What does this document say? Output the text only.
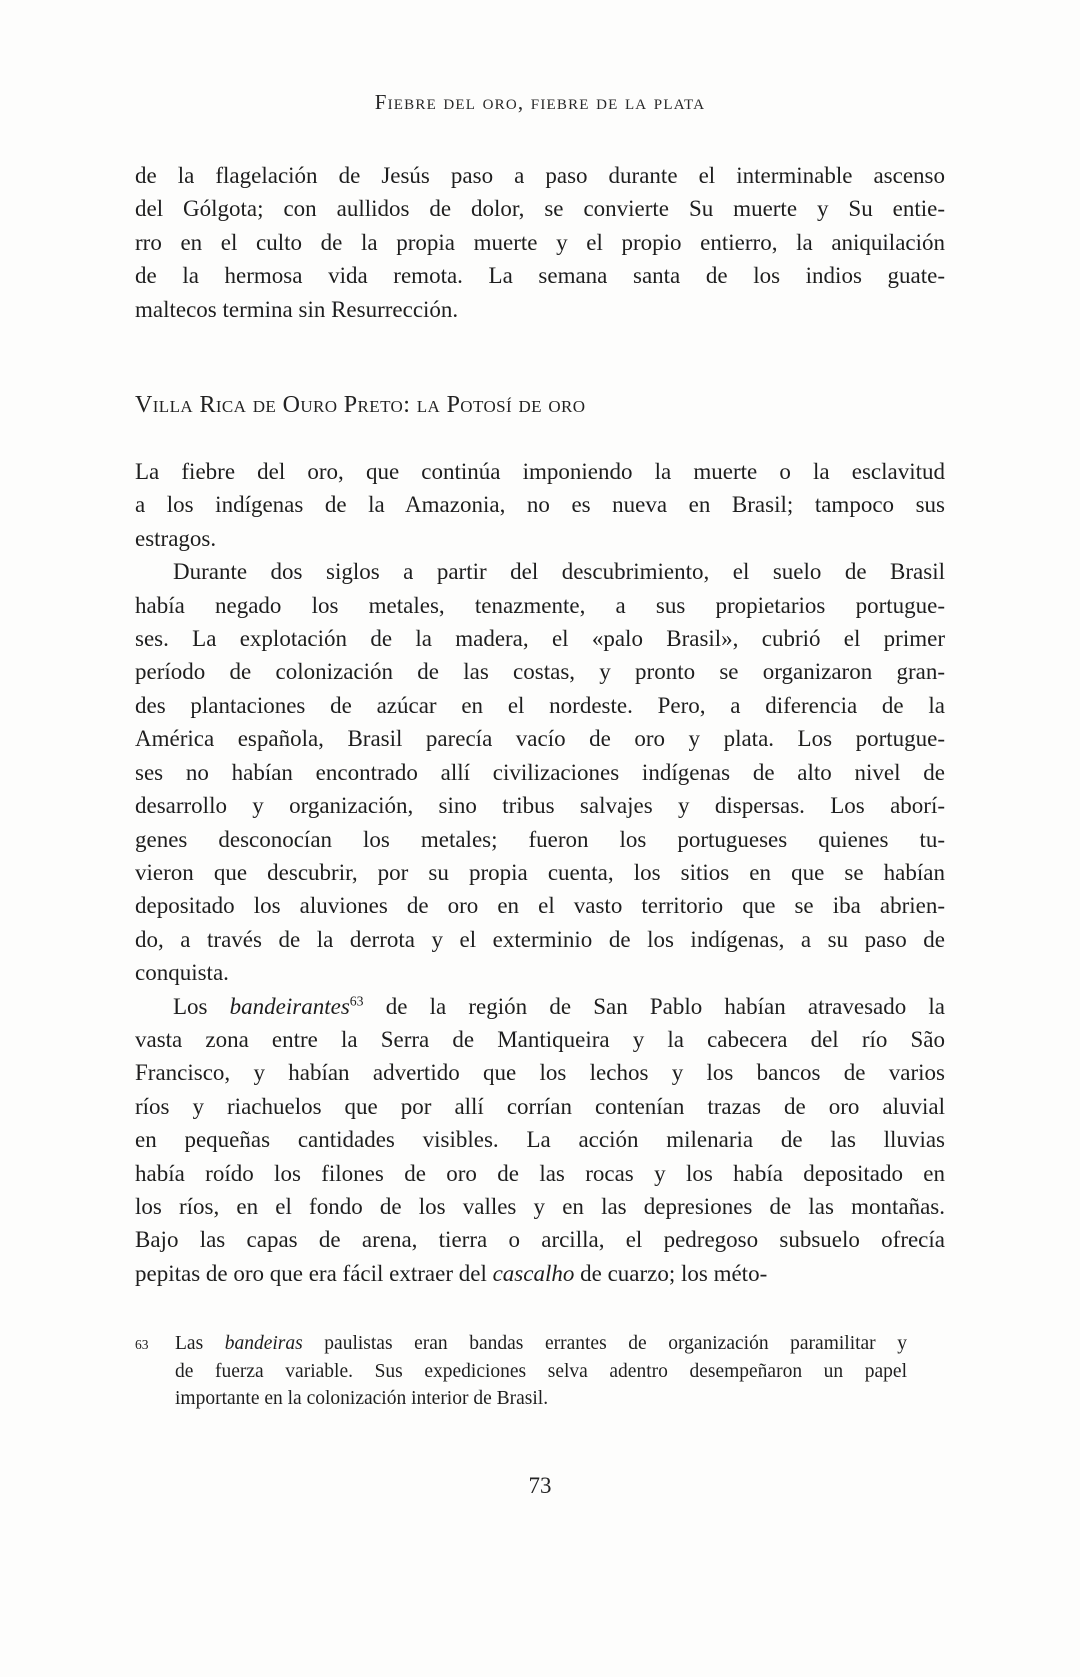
Fiebre del oro, fiebre de la plata
de la flagelación de Jesús paso a paso durante el interminable ascenso
del Gólgota; con aullidos de dolor, se convierte Su muerte y Su entie-
rro en el culto de la propia muerte y el propio entierro, la aniquilación
de la hermosa vida remota. La semana santa de los indios guate-
maltecos termina sin Resurrección.
Villa Rica de Ouro Preto: la Potosí de oro
La fiebre del oro, que continúa imponiendo la muerte o la esclavitud
a los indígenas de la Amazonia, no es nueva en Brasil; tampoco sus
estragos.
Durante dos siglos a partir del descubrimiento, el suelo de Brasil
había negado los metales, tenazmente, a sus propietarios portugue-
ses. La explotación de la madera, el «palo Brasil», cubrió el primer
período de colonización de las costas, y pronto se organizaron gran-
des plantaciones de azúcar en el nordeste. Pero, a diferencia de la
América española, Brasil parecía vacío de oro y plata. Los portugue-
ses no habían encontrado allí civilizaciones indígenas de alto nivel de
desarrollo y organización, sino tribus salvajes y dispersas. Los aborí-
genes desconocían los metales; fueron los portugueses quienes tu-
vieron que descubrir, por su propia cuenta, los sitios en que se habían
depositado los aluviones de oro en el vasto territorio que se iba abrien-
do, a través de la derrota y el exterminio de los indígenas, a su paso de
conquista.
Los bandeirantes$^{63}$ de la región de San Pablo habían atravesado la
vasta zona entre la Serra de Mantiqueira y la cabecera del río São
Francisco, y habían advertido que los lechos y los bancos de varios
ríos y riachuelos que por allí corrían contenían trazas de oro aluvial
en pequeñas cantidades visibles. La acción milenaria de las lluvias
había roído los filones de oro de las rocas y los había depositado en
los ríos, en el fondo de los valles y en las depresiones de las montañas.
Bajo las capas de arena, tierra o arcilla, el pedregoso subsuelo ofrecía
pepitas de oro que era fácil extraer del cascalho de cuarzo; los méto-
63 Las bandeiras paulistas eran bandas errantes de organización paramilitar y
de fuerza variable. Sus expediciones selva adentro desempeñaron un papel
importante en la colonización interior de Brasil.
73
